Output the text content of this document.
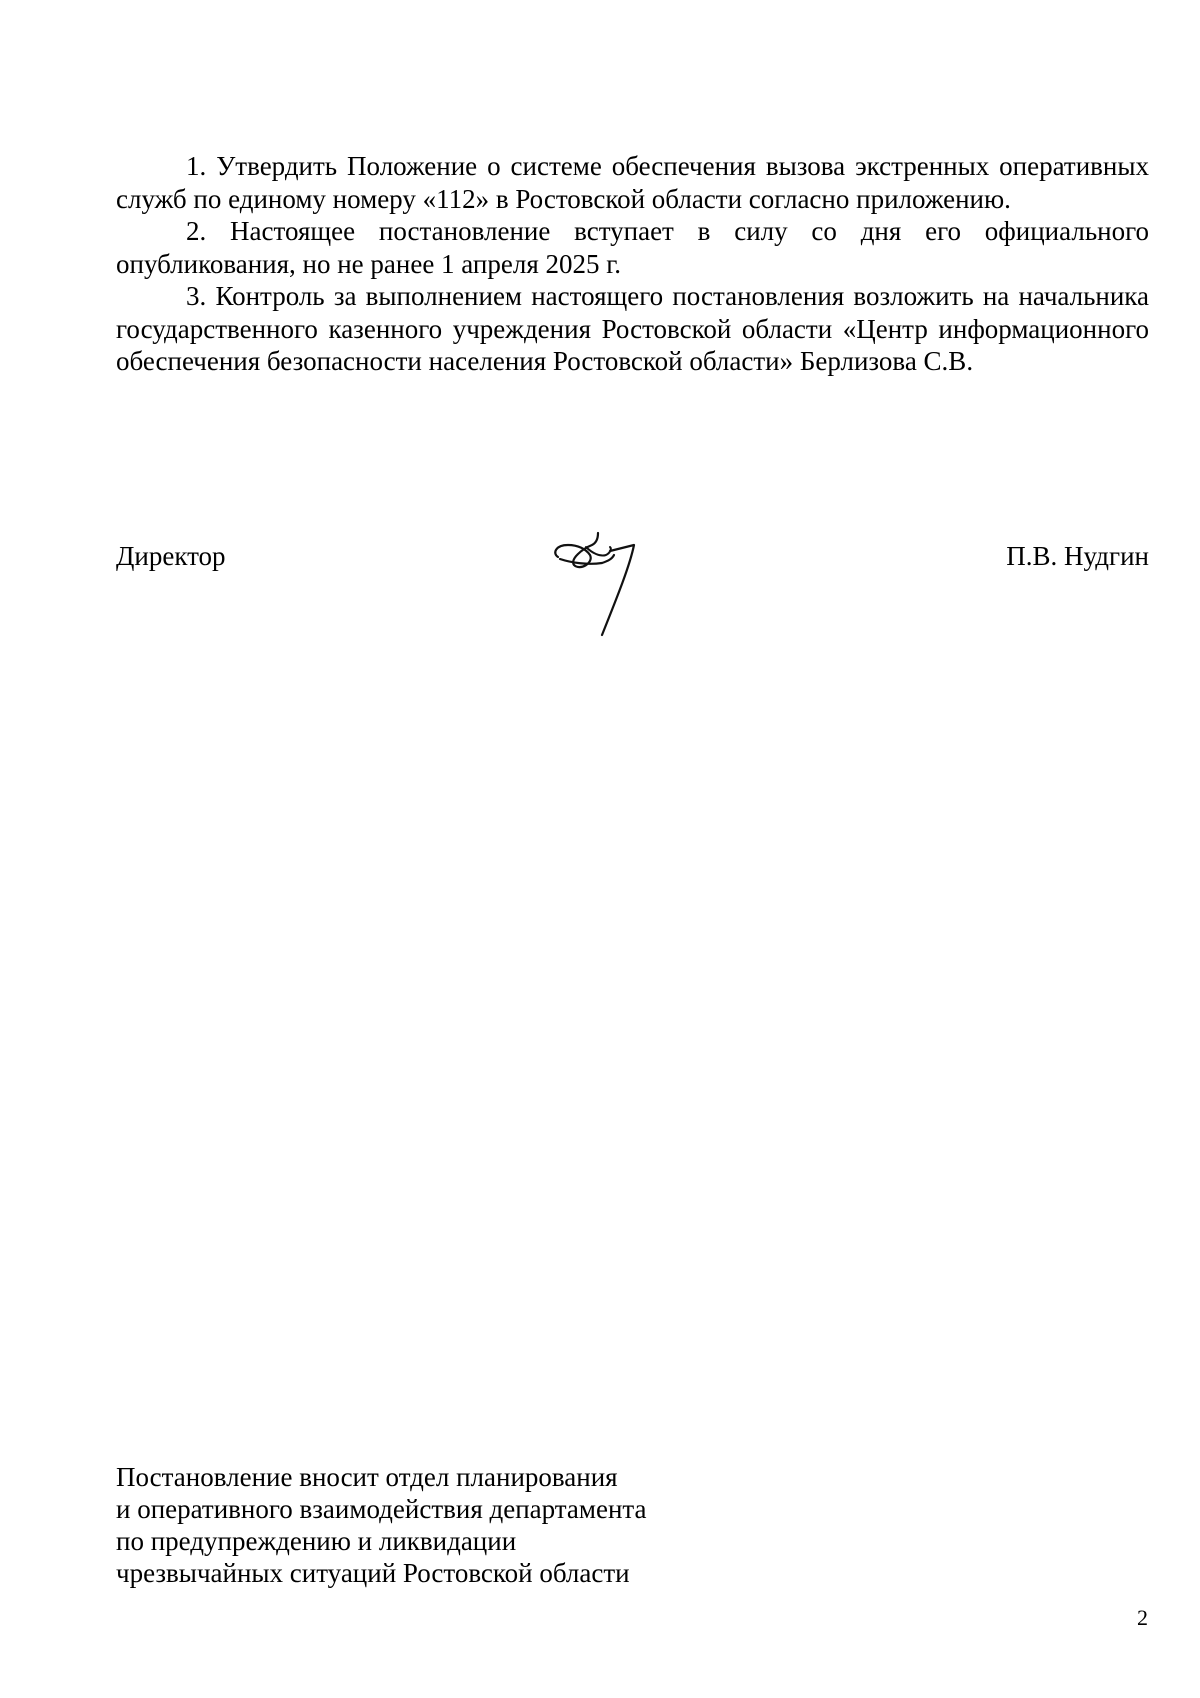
1. Утвердить Положение о системе обеспечения вызова экстренных оперативных служб по единому номеру «112» в Ростовской области согласно приложению.

2. Настоящее постановление вступает в силу со дня его официального опубликования, но не ранее 1 апреля 2025 г.

3. Контроль за выполнением настоящего постановления возложить на начальника государственного казенного учреждения Ростовской области «Центр информационного обеспечения безопасности населения Ростовской области» Берлизова С.В.

Директор	П.В. Нудгин
Постановление вносит отдел планирования
и оперативного взаимодействия департамента
по предупреждению и ликвидации
чрезвычайных ситуаций Ростовской области
2
